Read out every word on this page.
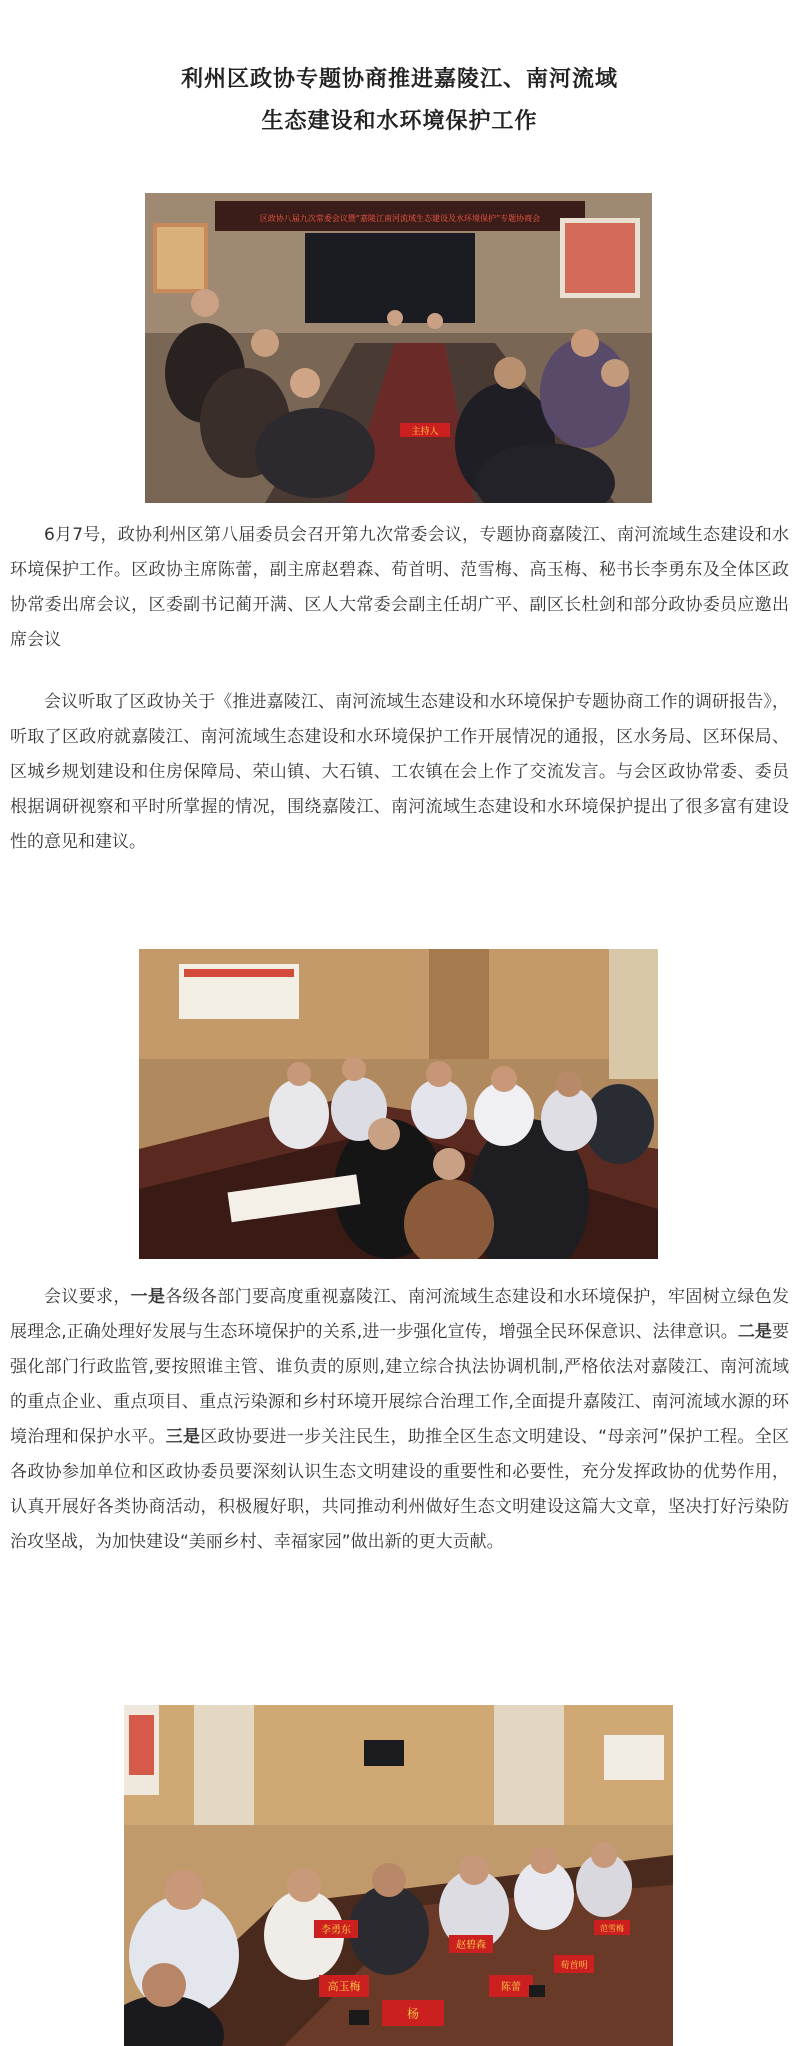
利州区政协专题协商推进嘉陵江、南河流域
生态建设和水环境保护工作
区政协八届九次常委会议暨“嘉陵江南河流域生态建设及水环境保护”专题协商会
主持人

6月7号，政协利州区第八届委员会召开第九次常委会议，专题协商嘉陵江、南河流域生态建设和水环境保护工作。区政协主席陈蕾，副主席赵碧森、荀首明、范雪梅、高玉梅、秘书长李勇东及全体区政协常委出席会议，区委副书记蔺开满、区人大常委会副主任胡广平、副区长杜剑和部分政协委员应邀出席会议

会议听取了区政协关于《推进嘉陵江、南河流域生态建设和水环境保护专题协商工作的调研报告》，听取了区政府就嘉陵江、南河流域生态建设和水环境保护工作开展情况的通报，区水务局、区环保局、区城乡规划建设和住房保障局、荣山镇、大石镇、工农镇在会上作了交流发言。与会区政协常委、委员根据调研视察和平时所掌握的情况，围绕嘉陵江、南河流域生态建设和水环境保护提出了很多富有建设性的意见和建议。

会议要求，一是各级各部门要高度重视嘉陵江、南河流域生态建设和水环境保护，牢固树立绿色发展理念,正确处理好发展与生态环境保护的关系,进一步强化宣传，增强全民环保意识、法律意识。二是要强化部门行政监管,要按照谁主管、谁负责的原则,建立综合执法协调机制,严格依法对嘉陵江、南河流域的重点企业、重点项目、重点污染源和乡村环境开展综合治理工作,全面提升嘉陵江、南河流域水源的环境治理和保护水平。三是区政协要进一步关注民生，助推全区生态文明建设、“母亲河”保护工程。全区各政协参加单位和区政协委员要深刻认识生态文明建设的重要性和必要性，充分发挥政协的优势作用，认真开展好各类协商活动，积极履好职，共同推动利州做好生态文明建设这篇大文章，坚决打好污染防治攻坚战，为加快建设“美丽乡村、幸福家园”做出新的更大贡献。

李勇东
高玉梅
杨
赵碧森
陈蕾
荀首明
范雪梅
